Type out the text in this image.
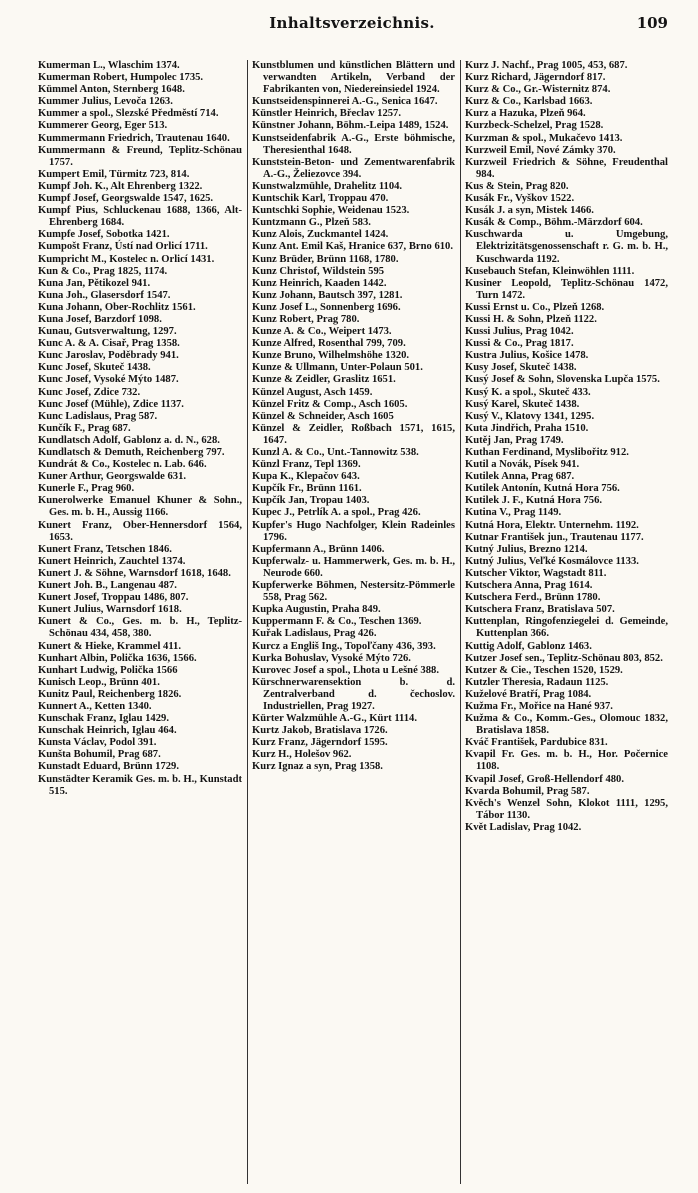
Inhaltsverzeichnis.	109
Kumerman L., Wlaschim 1374.
Kumerman Robert, Humpolec 1735.
Kümmel Anton, Sternberg 1648.
Kummer Julius, Levoča 1263.
Kummer a spol., Slezské Předměstí 714.
Kummerer Georg, Eger 513.
Kummermann Friedrich, Trautenau 1640.
Kummermann & Freund, Teplitz-Schönau 1757.
Kumpert Emil, Türmitz 723, 814.
Kumpf Joh. K., Alt Ehrenberg 1322.
Kumpf Josef, Georgswalde 1547, 1625.
Kumpf Pius, Schluckenau 1688, 1366, Alt-Ehrenberg 1684.
Kumpfe Josef, Sobotka 1421.
Kumpošt Franz, Ústí nad Orlicí 1711.
Kumpricht M., Kostelec n. Orlicí 1431.
Kun & Co., Prag 1825, 1174.
Kuna Jan, Pětikozel 941.
Kuna Joh., Glasersdorf 1547.
Kuna Johann, Ober-Rochlitz 1561.
Kuna Josef, Barzdorf 1098.
Kunau, Gutsverwaltung, 1297.
Kunc A. & A. Cisař, Prag 1358.
Kunc Jaroslav, Poděbrady 941.
Kunc Josef, Skuteč 1438.
Kunc Josef, Vysoké Mýto 1487.
Kunc Josef, Zdice 732.
Kunc Josef (Mühle), Zdice 1137.
Kunc Ladislaus, Prag 587.
Kunčík F., Prag 687.
Kundlatsch Adolf, Gablonz a. d. N., 628.
Kundlatsch & Demuth, Reichenberg 797.
Kundrát & Co., Kostelec n. Lab. 646.
Kuner Arthur, Georgswalde 631.
Kunerle F., Prag 960.
Kunerolwerke Emanuel Khuner & Sohn., Ges. m. b. H., Aussig 1166.
Kunert Franz, Ober-Hennersdorf 1564, 1653.
Kunert Franz, Tetschen 1846.
Kunert Heinrich, Zauchtel 1374.
Kunert J. & Söhne, Warnsdorf 1618, 1648.
Kunert Joh. B., Langenau 487.
Kunert Josef, Troppau 1486, 807.
Kunert Julius, Warnsdorf 1618.
Kunert & Co., Ges. m. b. H., Teplitz-Schönau 434, 458, 380.
Kunert & Hieke, Krammel 411.
Kunhart Albin, Polička 1636, 1566.
Kunhart Ludwig, Polička 1566
Kunisch Leop., Brünn 401.
Kunitz Paul, Reichenberg 1826.
Kunnert A., Ketten 1340.
Kunschak Franz, Iglau 1429.
Kunschak Heinrich, Iglau 464.
Kunsta Václav, Podol 391.
Kunšta Bohumil, Prag 687.
Kunstadt Eduard, Brünn 1729.
Kunstädter Keramik Ges. m. b. H., Kunstadt 515.
Kunstblumen und künstlichen Blättern und verwandten Artikeln, Verband der Fabrikanten von, Niedereinsiedel 1924.
Kunstseidenspinnerei A.-G., Senica 1647.
Künstler Heinrich, Břeclav 1257.
Künstner Johann, Böhm.-Leipa 1489, 1524.
Kunstseidenfabrik A.-G., Erste böhmische, Theresienthal 1648.
Kunststein-Beton- und Zementwarenfabrik A.-G., Želiezovce 394.
Kunstwalzmühle, Drahelitz 1104.
Kuntschik Karl, Troppau 470.
Kuntschki Sophie, Weidenau 1523.
Kuntzmann G., Plzeň 583.
Kunz Alois, Zuckmantel 1424.
Kunz Ant. Emil Kaš, Hranice 637, Brno 610.
Kunz Brüder, Brünn 1168, 1780.
Kunz Christof, Wildstein 595
Kunz Heinrich, Kaaden 1442.
Kunz Johann, Bautsch 397, 1281.
Kunz Josef L., Sonnenberg 1696.
Kunz Robert, Prag 780.
Kunze A. & Co., Weipert 1473.
Kunze Alfred, Rosenthal 799, 709.
Kunze Bruno, Wilhelmshöhe 1320.
Kunze & Ullmann, Unter-Polaun 501.
Kunze & Zeidler, Graslitz 1651.
Künzel August, Asch 1459.
Künzel Fritz & Comp., Asch 1605.
Künzel & Schneider, Asch 1605
Künzel & Zeidler, Roßbach 1571, 1615, 1647.
Kunzl A. & Co., Unt.-Tannowitz 538.
Künzl Franz, Tepl 1369.
Kupa K., Klepačov 643.
Kupčík Fr., Brünn 1161.
Kupčík Jan, Tropau 1403.
Kupec J., Petrlík A. a spol., Prag 426.
Kupfer's Hugo Nachfolger, Klein Radeinles 1796.
Kupfermann A., Brünn 1406.
Kupferwalz- u. Hammerwerk, Ges. m. b. H., Neurode 660.
Kupferwerke Böhmen, Nestersitz-Pömmerle 558, Prag 562.
Kupka Augustin, Praha 849.
Kuppermann F. & Co., Teschen 1369.
Kuřak Ladislaus, Prag 426.
Kurcz a Engliš Ing., Topoľčany 436, 393.
Kurka Bohuslav, Vysoké Mýto 726.
Kurovec Josef a spol., Lhota u Lešné 388.
Kürschnerwarensektion b. d. Zentralverband d. čechoslov. Industriellen, Prag 1927.
Kürter Walzmühle A.-G., Kürt 1114.
Kurtz Jakob, Bratislava 1726.
Kurz Franz, Jägerndorf 1595.
Kurz H., Holešov 962.
Kurz Ignaz a syn, Prag 1358.
Kurz J. Nachf., Prag 1005, 453, 687.
Kurz Richard, Jägerndorf 817.
Kurz & Co., Gr.-Wisternitz 874.
Kurz & Co., Karlsbad 1663.
Kurz a Hazuka, Plzeň 964.
Kurzbeck-Schelzel, Prag 1528.
Kurzman & spol., Mukačevo 1413.
Kurzweil Emil, Nové Zámky 370.
Kurzweil Friedrich & Söhne, Freudenthal 984.
Kus & Stein, Prag 820.
Kusák Fr., Vyškov 1522.
Kusák J. a syn, Mistek 1466.
Kusák & Comp., Böhm.-Märzdorf 604.
Kuschwarda u. Umgebung, Elektrizitätsgenossenschaft r. G. m. b. H., Kuschwarda 1192.
Kusebauch Stefan, Kleinwöhlen 1111.
Kusiner Leopold, Teplitz-Schönau 1472, Turn 1472.
Kussi Ernst u. Co., Plzeň 1268.
Kussi H. & Sohn, Plzeň 1122.
Kussi Julius, Prag 1042.
Kussi & Co., Prag 1817.
Kustra Julius, Košice 1478.
Kusy Josef, Skuteč 1438.
Kusý Josef & Sohn, Slovenska Lupča 1575.
Kusý K. a spol., Skuteč 433.
Kusý Karel, Skuteč 1438.
Kusý V., Klatovy 1341, 1295.
Kuta Jindřich, Praha 1510.
Kutěj Jan, Prag 1749.
Kuthan Ferdinand, Myslibořitz 912.
Kutil a Novák, Písek 941.
Kutilek Anna, Prag 687.
Kutilek Antonín, Kutná Hora 756.
Kutilek J. F., Kutná Hora 756.
Kutina V., Prag 1149.
Kutná Hora, Elektr. Unternehm. 1192.
Kutnar František jun., Trautenau 1177.
Kutný Julius, Brezno 1214.
Kutný Julius, Veľké Kosmálovce 1133.
Kutscher Viktor, Wagstadt 811.
Kutschera Anna, Prag 1614.
Kutschera Ferd., Brünn 1780.
Kutschera Franz, Bratislava 507.
Kuttenplan, Ringofenziegelei d. Gemeinde, Kuttenplan 366.
Kuttig Adolf, Gablonz 1463.
Kutzer Josef sen., Teplitz-Schönau 803, 852.
Kutzer & Cie., Teschen 1520, 1529.
Kutzler Theresia, Radaun 1125.
Kuželové Bratří, Prag 1084.
Kužma Fr., Mořice na Hané 937.
Kužma & Co., Komm.-Ges., Olomouc 1832, Bratislava 1858.
Kváč František, Pardubice 831.
Kvapil Fr. Ges. m. b. H., Hor. Počernice 1108.
Kvapil Josef, Groß-Hellendorf 480.
Kvarda Bohumil, Prag 587.
Kvěch's Wenzel Sohn, Klokot 1111, 1295, Tábor 1130.
Květ Ladislav, Prag 1042.
